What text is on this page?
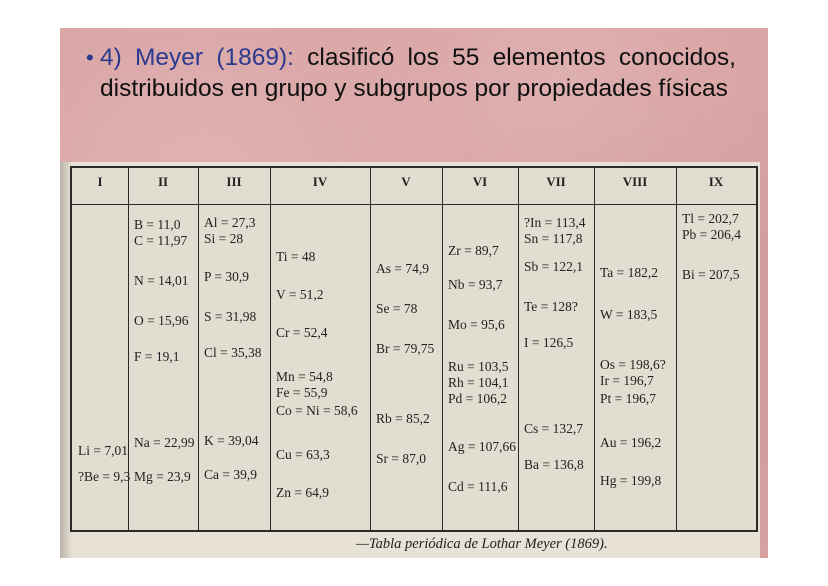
• 4) Meyer (1869): clasificó los 55 elementos conocidos, distribuidos en grupo y subgrupos por propiedades físicas
I
Li = 7,01
?Be = 9,3
II
B = 11,0
C = 11,97
N = 14,01
O = 15,96
F = 19,1
Na = 22,99
Mg = 23,9
III
Al = 27,3
Si = 28
P = 30,9
S = 31,98
Cl = 35,38
K = 39,04
Ca = 39,9
IV
Ti = 48
V = 51,2
Cr = 52,4
Mn = 54,8
Fe = 55,9
Co = Ni = 58,6
Cu = 63,3
Zn = 64,9
V
As = 74,9
Se = 78
Br = 79,75
Rb = 85,2
Sr = 87,0
VI
Zr = 89,7
Nb = 93,7
Mo = 95,6
Ru = 103,5
Rh = 104,1
Pd = 106,2
Ag = 107,66
Cd = 111,6
VII
?In = 113,4
Sn = 117,8
Sb = 122,1
Te = 128?
I = 126,5
Cs = 132,7
Ba = 136,8
VIII
Ta = 182,2
W = 183,5
Os = 198,6?
Ir = 196,7
Pt = 196,7
Au = 196,2
Hg = 199,8
IX
Tl = 202,7
Pb = 206,4
Bi = 207,5
—Tabla periódica de Lothar Meyer (1869).
